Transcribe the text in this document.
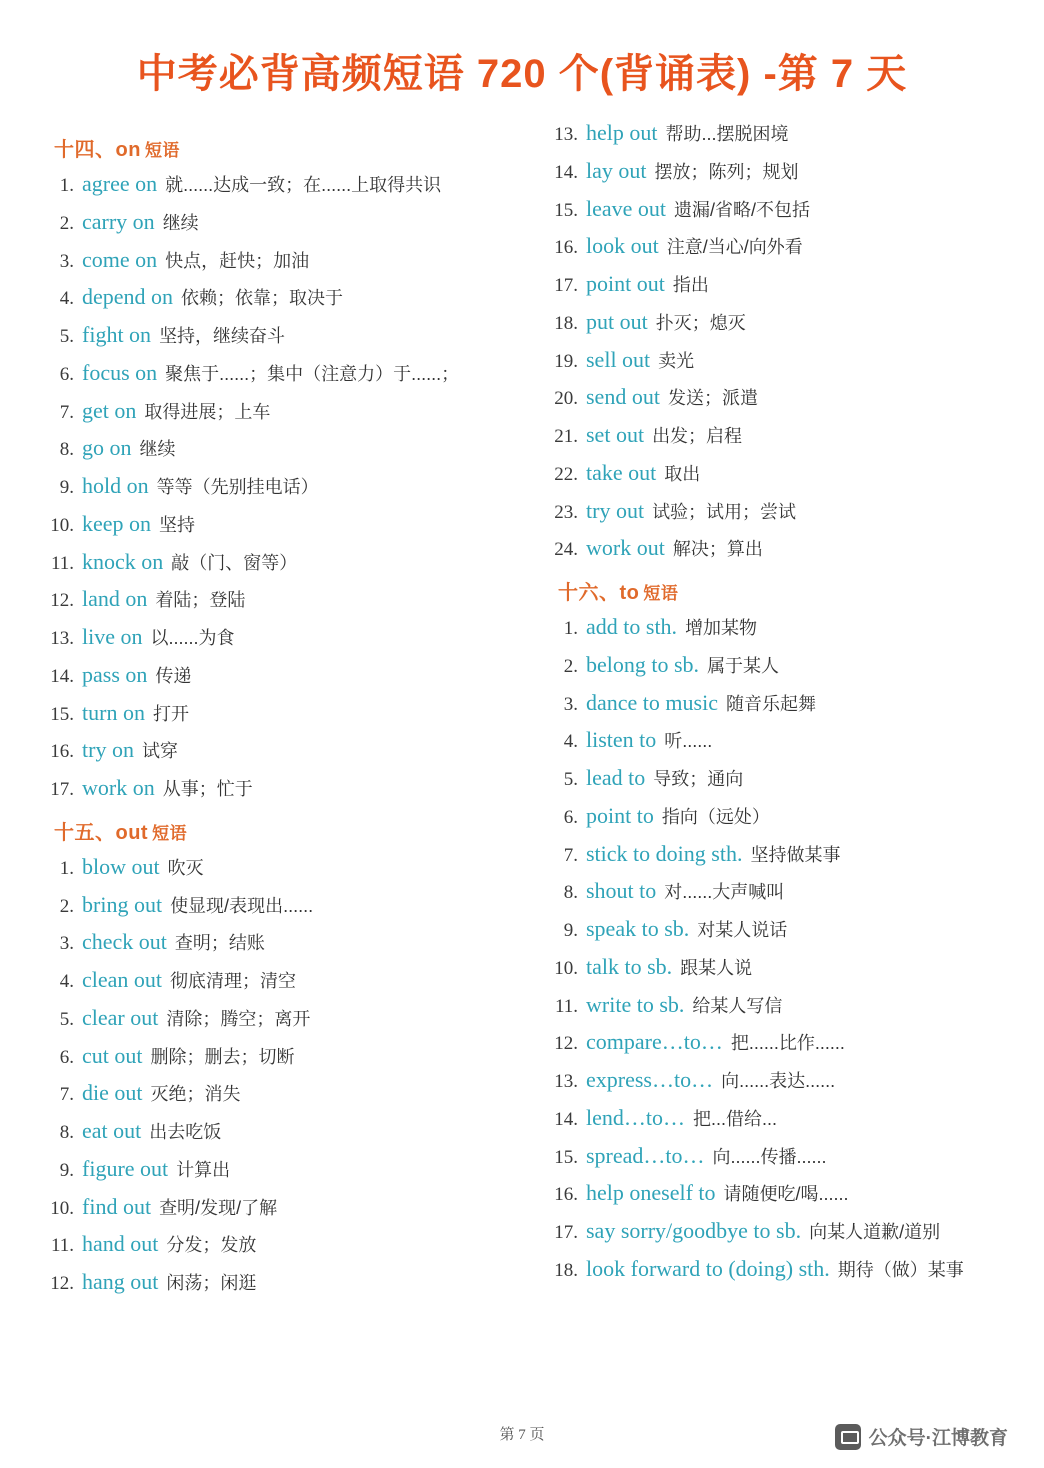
中考必背高频短语 720 个(背诵表) -第 7 天
十四、on 短语
1. agree on 就......达成一致；在......上取得共识
2. carry on 继续
3. come on 快点，赶快；加油
4. depend on 依赖；依靠；取决于
5. fight on 坚持，继续奋斗
6. focus on 聚焦于......；集中（注意力）于......；
7. get on 取得进展；上车
8. go on 继续
9. hold on 等等（先别挂电话）
10. keep on 坚持
11. knock on 敲（门、窗等）
12. land on 着陆；登陆
13. live on 以......为食
14. pass on 传递
15. turn on 打开
16. try on 试穿
17. work on 从事；忙于
十五、out 短语
1. blow out 吹灭
2. bring out 使显现/表现出......
3. check out 查明；结账
4. clean out 彻底清理；清空
5. clear out 清除；腾空；离开
6. cut out 删除；删去；切断
7. die out 灭绝；消失
8. eat out 出去吃饭
9. figure out 计算出
10. find out 查明/发现/了解
11. hand out 分发；发放
12. hang out 闲荡；闲逛
13. help out 帮助...摆脱困境
14. lay out 摆放；陈列；规划
15. leave out 遗漏/省略/不包括
16. look out 注意/当心/向外看
17. point out 指出
18. put out 扑灭；熄灭
19. sell out 卖光
20. send out 发送；派遣
21. set out 出发；启程
22. take out 取出
23. try out 试验；试用；尝试
24. work out 解决；算出
十六、to 短语
1. add to sth. 增加某物
2. belong to sb. 属于某人
3. dance to music 随音乐起舞
4. listen to 听......
5. lead to 导致；通向
6. point to 指向（远处）
7. stick to doing sth. 坚持做某事
8. shout to 对......大声喊叫
9. speak to sb. 对某人说话
10. talk to sb. 跟某人说
11. write to sb. 给某人写信
12. compare…to… 把......比作......
13. express…to… 向......表达......
14. lend…to… 把...借给...
15. spread…to… 向......传播......
16. help oneself to 请随便吃/喝......
17. say sorry/goodbye to sb. 向某人道歉/道别
18. look forward to (doing) sth. 期待（做）某事
第 7 页	公众号·江博教育
